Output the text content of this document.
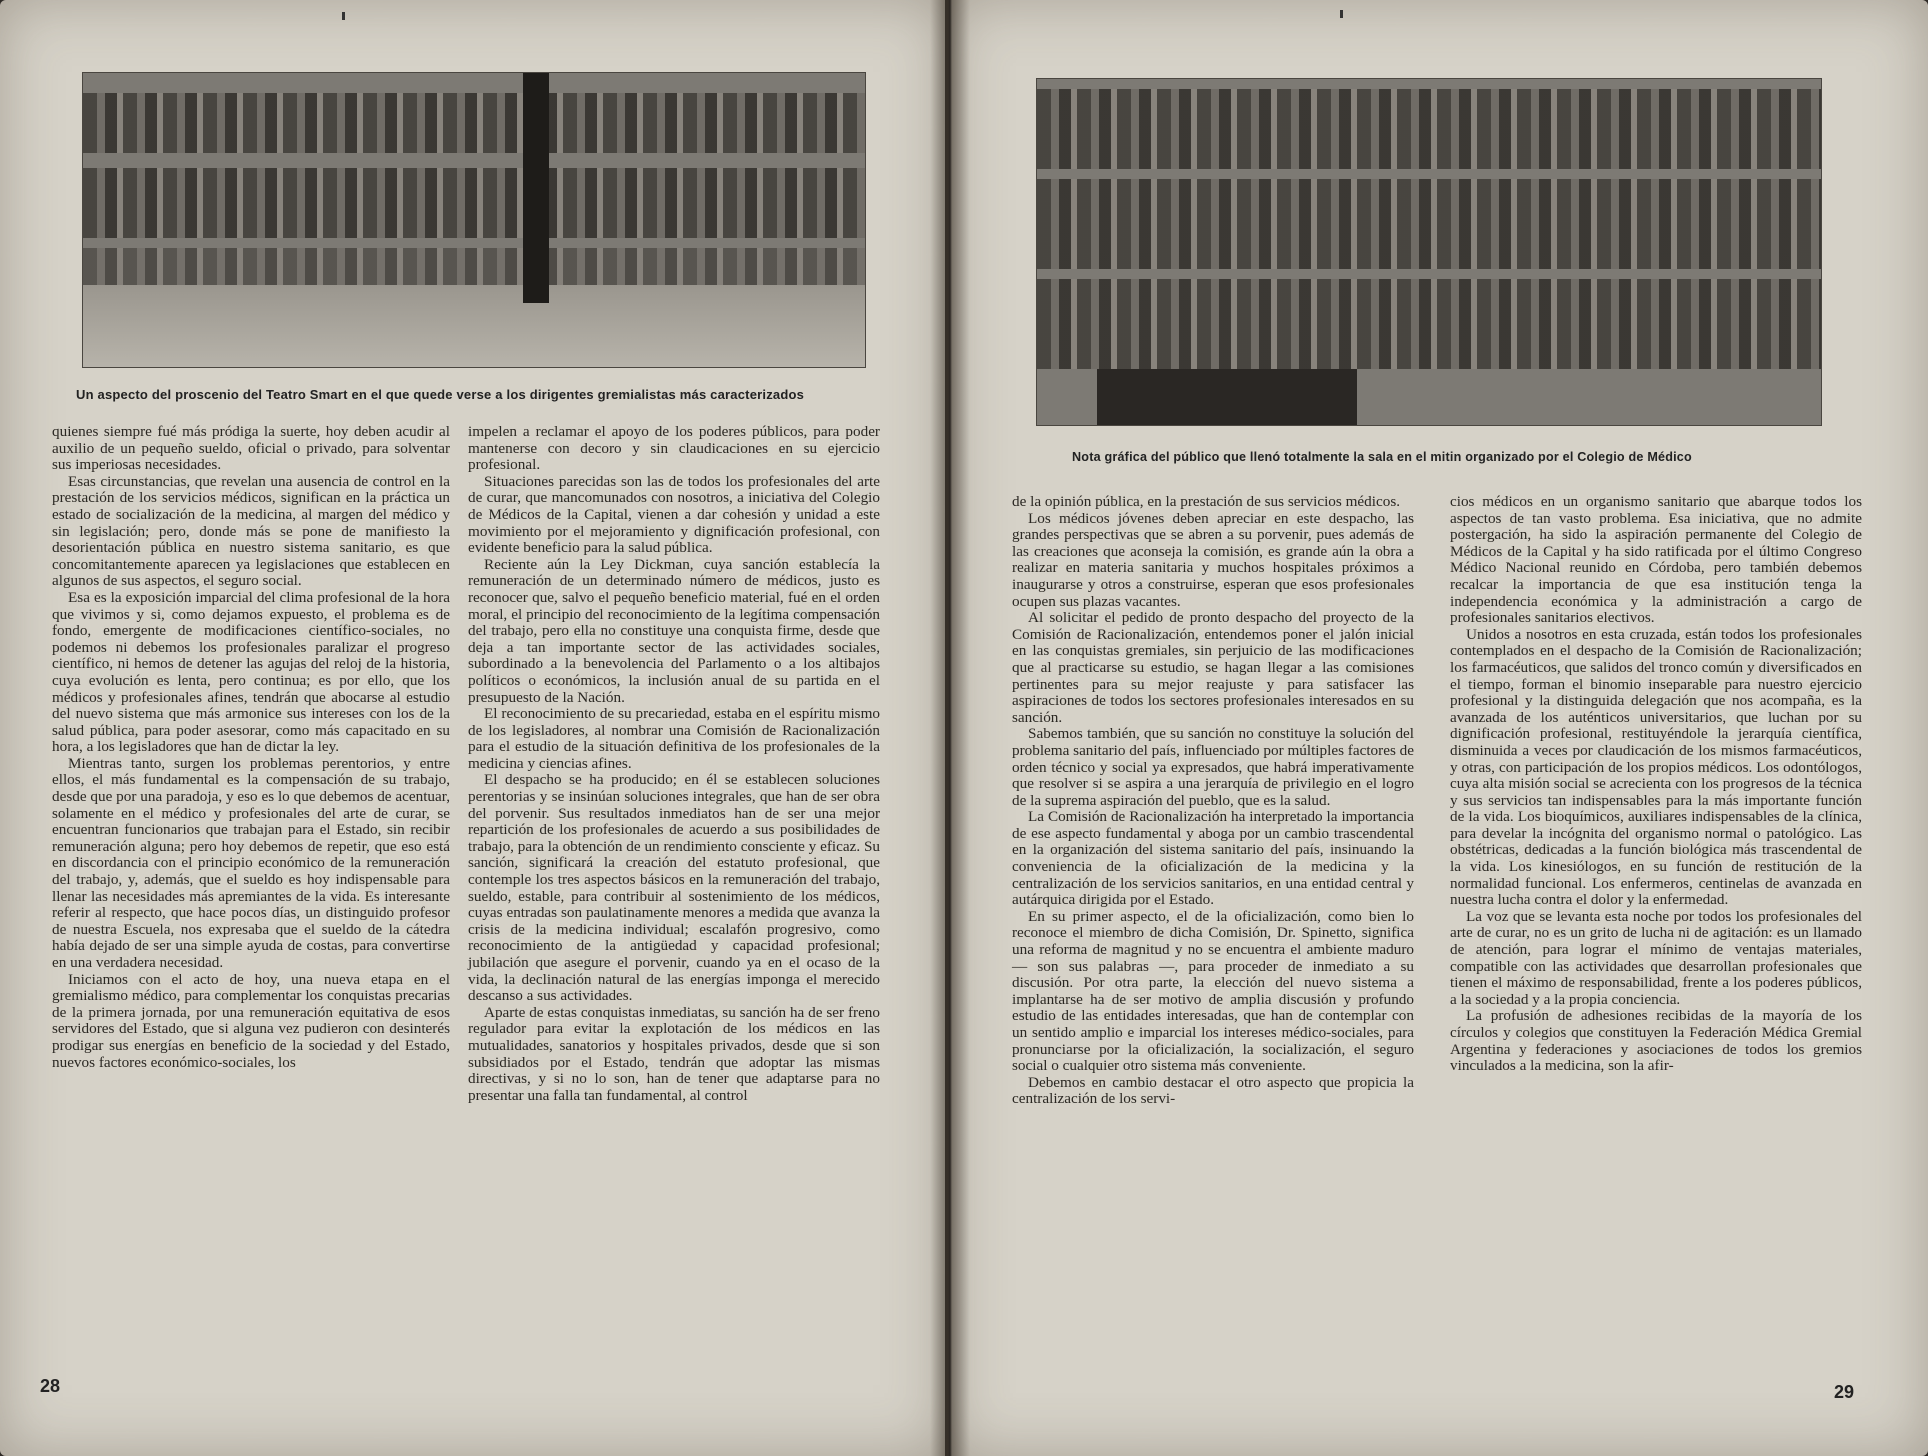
Un aspecto del proscenio del Teatro Smart en el que quede verse a los dirigentes gremialistas más caracterizados

quienes siempre fué más pródiga la suerte, hoy deben acudir al auxilio de un pequeño sueldo, oficial o privado, para solventar sus imperiosas necesidades.

Esas circunstancias, que revelan una ausencia de control en la prestación de los servicios médicos, significan en la práctica un estado de socialización de la medicina, al margen del médico y sin legislación; pero, donde más se pone de manifiesto la desorientación pública en nuestro sistema sanitario, es que concomitantemente aparecen ya legislaciones que establecen en algunos de sus aspectos, el seguro social.

Esa es la exposición imparcial del clima profesional de la hora que vivimos y si, como dejamos expuesto, el problema es de fondo, emergente de modificaciones científico-sociales, no podemos ni debemos los profesionales paralizar el progreso científico, ni hemos de detener las agujas del reloj de la historia, cuya evolución es lenta, pero continua; es por ello, que los médicos y profesionales afines, tendrán que abocarse al estudio del nuevo sistema que más armonice sus intereses con los de la salud pública, para poder asesorar, como más capacitado en su hora, a los legisladores que han de dictar la ley.

Mientras tanto, surgen los problemas perentorios, y entre ellos, el más fundamental es la compensación de su trabajo, desde que por una paradoja, y eso es lo que debemos de acentuar, solamente en el médico y profesionales del arte de curar, se encuentran funcionarios que trabajan para el Estado, sin recibir remuneración alguna; pero hoy debemos de repetir, que eso está en discordancia con el principio económico de la remuneración del trabajo, y, además, que el sueldo es hoy indispensable para llenar las necesidades más apremiantes de la vida. Es interesante referir al respecto, que hace pocos días, un distinguido profesor de nuestra Escuela, nos expresaba que el sueldo de la cátedra había dejado de ser una simple ayuda de costas, para convertirse en una verdadera necesidad.

Iniciamos con el acto de hoy, una nueva etapa en el gremialismo médico, para complementar los conquistas precarias de la primera jornada, por una remuneración equitativa de esos servidores del Estado, que si alguna vez pudieron con desinterés prodigar sus energías en beneficio de la sociedad y del Estado, nuevos factores económico-sociales, los

impelen a reclamar el apoyo de los poderes públicos, para poder mantenerse con decoro y sin claudicaciones en su ejercicio profesional.

Situaciones parecidas son las de todos los profesionales del arte de curar, que mancomunados con nosotros, a iniciativa del Colegio de Médicos de la Capital, vienen a dar cohesión y unidad a este movimiento por el mejoramiento y dignificación profesional, con evidente beneficio para la salud pública.

Reciente aún la Ley Dickman, cuya sanción establecía la remuneración de un determinado número de médicos, justo es reconocer que, salvo el pequeño beneficio material, fué en el orden moral, el principio del reconocimiento de la legítima compensación del trabajo, pero ella no constituye una conquista firme, desde que deja a tan importante sector de las actividades sociales, subordinado a la benevolencia del Parlamento o a los altibajos políticos o económicos, la inclusión anual de su partida en el presupuesto de la Nación.

El reconocimiento de su precariedad, estaba en el espíritu mismo de los legisladores, al nombrar una Comisión de Racionalización para el estudio de la situación definitiva de los profesionales de la medicina y ciencias afines.

El despacho se ha producido; en él se establecen soluciones perentorias y se insinúan soluciones integrales, que han de ser obra del porvenir. Sus resultados inmediatos han de ser una mejor repartición de los profesionales de acuerdo a sus posibilidades de trabajo, para la obtención de un rendimiento consciente y eficaz. Su sanción, significará la creación del estatuto profesional, que contemple los tres aspectos básicos en la remuneración del trabajo, sueldo, estable, para contribuir al sostenimiento de los médicos, cuyas entradas son paulatinamente menores a medida que avanza la crisis de la medicina individual; escalafón progresivo, como reconocimiento de la antigüedad y capacidad profesional; jubilación que asegure el porvenir, cuando ya en el ocaso de la vida, la declinación natural de las energías imponga el merecido descanso a sus actividades.

Aparte de estas conquistas inmediatas, su sanción ha de ser freno regulador para evitar la explotación de los médicos en las mutualidades, sanatorios y hospitales privados, desde que si son subsidiados por el Estado, tendrán que adoptar las mismas directivas, y si no lo son, han de tener que adaptarse para no presentar una falla tan fundamental, al control

28
Nota gráfica del público que llenó totalmente la sala en el mitin organizado por el Colegio de Médico

de la opinión pública, en la prestación de sus servicios médicos.

Los médicos jóvenes deben apreciar en este despacho, las grandes perspectivas que se abren a su porvenir, pues además de las creaciones que aconseja la comisión, es grande aún la obra a realizar en materia sanitaria y muchos hospitales próximos a inaugurarse y otros a construirse, esperan que esos profesionales ocupen sus plazas vacantes.

Al solicitar el pedido de pronto despacho del proyecto de la Comisión de Racionalización, entendemos poner el jalón inicial en las conquistas gremiales, sin perjuicio de las modificaciones que al practicarse su estudio, se hagan llegar a las comisiones pertinentes para su mejor reajuste y para satisfacer las aspiraciones de todos los sectores profesionales interesados en su sanción.

Sabemos también, que su sanción no constituye la solución del problema sanitario del país, influenciado por múltiples factores de orden técnico y social ya expresados, que habrá imperativamente que resolver si se aspira a una jerarquía de privilegio en el logro de la suprema aspiración del pueblo, que es la salud.

La Comisión de Racionalización ha interpretado la importancia de ese aspecto fundamental y aboga por un cambio trascendental en la organización del sistema sanitario del país, insinuando la conveniencia de la oficialización de la medicina y la centralización de los servicios sanitarios, en una entidad central y autárquica dirigida por el Estado.

En su primer aspecto, el de la oficialización, como bien lo reconoce el miembro de dicha Comisión, Dr. Spinetto, significa una reforma de magnitud y no se encuentra el ambiente maduro — son sus palabras —, para proceder de inmediato a su discusión. Por otra parte, la elección del nuevo sistema a implantarse ha de ser motivo de amplia discusión y profundo estudio de las entidades interesadas, que han de contemplar con un sentido amplio e imparcial los intereses médico-sociales, para pronunciarse por la oficialización, la socialización, el seguro social o cualquier otro sistema más conveniente.

Debemos en cambio destacar el otro aspecto que propicia la centralización de los servi-

cios médicos en un organismo sanitario que abarque todos los aspectos de tan vasto problema. Esa iniciativa, que no admite postergación, ha sido la aspiración permanente del Colegio de Médicos de la Capital y ha sido ratificada por el último Congreso Médico Nacional reunido en Córdoba, pero también debemos recalcar la importancia de que esa institución tenga la independencia económica y la administración a cargo de profesionales sanitarios electivos.

Unidos a nosotros en esta cruzada, están todos los profesionales contemplados en el despacho de la Comisión de Racionalización; los farmacéuticos, que salidos del tronco común y diversificados en el tiempo, forman el binomio inseparable para nuestro ejercicio profesional y la distinguida delegación que nos acompaña, es la avanzada de los auténticos universitarios, que luchan por su dignificación profesional, restituyéndole la jerarquía científica, disminuida a veces por claudicación de los mismos farmacéuticos, y otras, con participación de los propios médicos. Los odontólogos, cuya alta misión social se acrecienta con los progresos de la técnica y sus servicios tan indispensables para la más importante función de la vida. Los bioquímicos, auxiliares indispensables de la clínica, para develar la incógnita del organismo normal o patológico. Las obstétricas, dedicadas a la función biológica más trascendental de la vida. Los kinesiólogos, en su función de restitución de la normalidad funcional. Los enfermeros, centinelas de avanzada en nuestra lucha contra el dolor y la enfermedad.

La voz que se levanta esta noche por todos los profesionales del arte de curar, no es un grito de lucha ni de agitación: es un llamado de atención, para lograr el mínimo de ventajas materiales, compatible con las actividades que desarrollan profesionales que tienen el máximo de responsabilidad, frente a los poderes públicos, a la sociedad y a la propia conciencia.

La profusión de adhesiones recibidas de la mayoría de los círculos y colegios que constituyen la Federación Médica Gremial Argentina y federaciones y asociaciones de todos los gremios vinculados a la medicina, son la afir-

29
